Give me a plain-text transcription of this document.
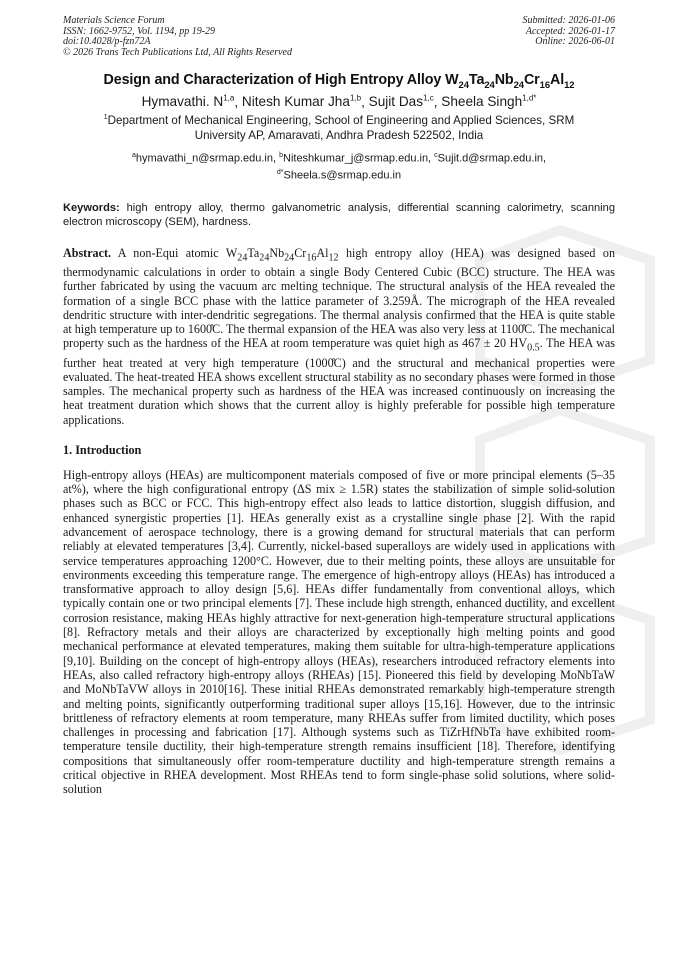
Materials Science Forum
ISSN: 1662-9752, Vol. 1194, pp 19-29
doi:10.4028/p-fzn72A
© 2026 Trans Tech Publications Ltd, All Rights Reserved
Submitted: 2026-01-06
Accepted: 2026-01-17
Online: 2026-06-01
Design and Characterization of High Entropy Alloy $W_{24}Ta_{24}Nb_{24}Cr_{16}Al_{12}$
Hymavathi. N$^{1,a}$, Nitesh Kumar Jha$^{1,b}$, Sujit Das$^{1,c}$, Sheela Singh$^{1,d*}$
$^1$Department of Mechanical Engineering, School of Engineering and Applied Sciences, SRM
University AP, Amaravati, Andhra Pradesh 522502, India
$^a$hymavathi_n@srmap.edu.in, $^b$Niteshkumar_j@srmap.edu.in, $^c$Sujit.d@srmap.edu.in,
$^{d*}$Sheela.s@srmap.edu.in
Keywords: high entropy alloy, thermo galvanometric analysis, differential scanning calorimetry, scanning electron microscopy (SEM), hardness.
Abstract. A non-Equi atomic $W_{24}Ta_{24}Nb_{24}Cr_{16}Al_{12}$ high entropy alloy (HEA) was designed based on thermodynamic calculations in order to obtain a single Body Centered Cubic (BCC) structure. The HEA was further fabricated by using the vacuum arc melting technique. The structural analysis of the HEA revealed the formation of a single BCC phase with the lattice parameter of 3.259Å. The micrograph of the HEA revealed dendritic structure with inter-dendritic segregations. The thermal analysis confirmed that the HEA is quite stable at high temperature up to 1600̊C. The thermal expansion of the HEA was also very less at 1100̊C. The mechanical property such as the hardness of the HEA at room temperature was quiet high as 467 ± 20 $HV_{0.5}$. The HEA was further heat treated at very high temperature (1000̊C) and the structural and mechanical properties were evaluated. The heat-treated HEA shows excellent structural stability as no secondary phases were formed in those samples. The mechanical property such as hardness of the HEA was increased continuously on increasing the heat treatment duration which shows that the current alloy is highly preferable for possible high temperature applications.
1. Introduction
High-entropy alloys (HEAs) are multicomponent materials composed of five or more principal elements (5–35 at%), where the high configurational entropy (ΔS mix ≥ 1.5R) states the stabilization of simple solid-solution phases such as BCC or FCC. This high-entropy effect also leads to lattice distortion, sluggish diffusion, and enhanced synergistic properties [1]. HEAs generally exist as a crystalline single phase [2]. With the rapid advancement of aerospace technology, there is a growing demand for structural materials that can perform reliably at elevated temperatures [3,4]. Currently, nickel-based superalloys are widely used in applications with service temperatures approaching 1200°C. However, due to their melting points, these alloys are unsuitable for environments exceeding this temperature range. The emergence of high-entropy alloys (HEAs) has introduced a transformative approach to alloy design [5,6]. HEAs differ fundamentally from conventional alloys, which typically contain one or two principal elements [7]. These include high strength, enhanced ductility, and excellent corrosion resistance, making HEAs highly attractive for next-generation high-temperature structural applications [8]. Refractory metals and their alloys are characterized by exceptionally high melting points and good mechanical performance at elevated temperatures, making them suitable for ultra-high-temperature applications [9,10]. Building on the concept of high-entropy alloys (HEAs), researchers introduced refractory elements into HEAs, also called refractory high-entropy alloys (RHEAs) [15]. Pioneered this field by developing MoNbTaW and MoNbTaVW alloys in 2010[16]. These initial RHEAs demonstrated remarkably high-temperature strength and melting points, significantly outperforming traditional super alloys [15,16]. However, due to the intrinsic brittleness of refractory elements at room temperature, many RHEAs suffer from limited ductility, which poses challenges in processing and fabrication [17]. Although systems such as TiZrHfNbTa have exhibited room-temperature tensile ductility, their high-temperature strength remains insufficient [18]. Therefore, identifying compositions that simultaneously offer room-temperature ductility and high-temperature strength remains a critical objective in RHEA development. Most RHEAs tend to form single-phase solid solutions, where solid-solution
